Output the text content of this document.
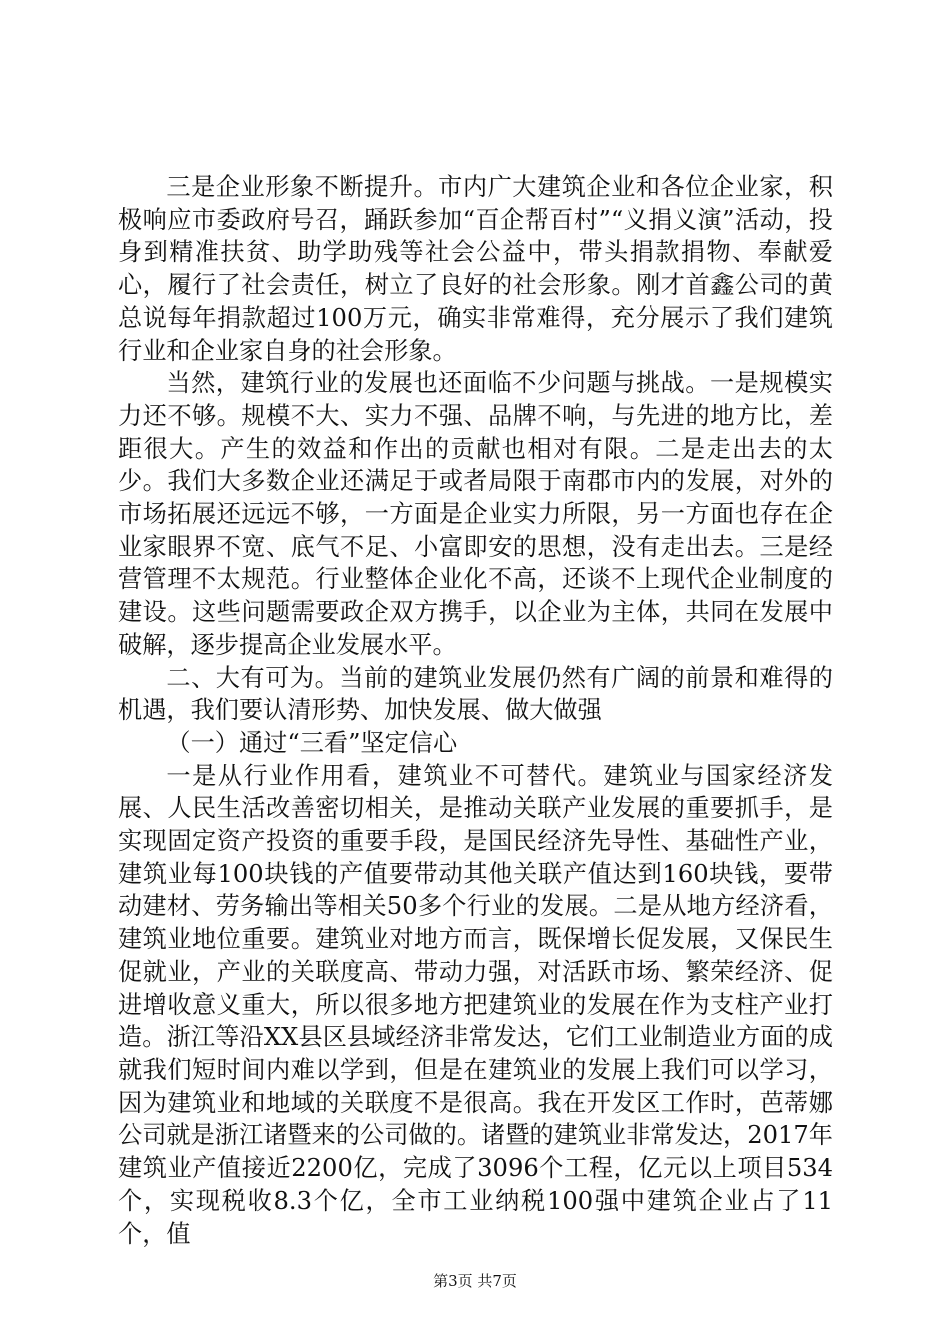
三是企业形象不断提升。市内广大建筑企业和各位企业家，积极响应市委政府号召，踊跃参加“百企帮百村”“义捐义演”活动，投身到精准扶贫、助学助残等社会公益中，带头捐款捐物、奉献爱心，履行了社会责任，树立了良好的社会形象。刚才首鑫公司的黄总说每年捐款超过100万元，确实非常难得，充分展示了我们建筑行业和企业家自身的社会形象。

当然，建筑行业的发展也还面临不少问题与挑战。一是规模实力还不够。规模不大、实力不强、品牌不响，与先进的地方比，差距很大。产生的效益和作出的贡献也相对有限。二是走出去的太少。我们大多数企业还满足于或者局限于南郡市内的发展，对外的市场拓展还远远不够，一方面是企业实力所限，另一方面也存在企业家眼界不宽、底气不足、小富即安的思想，没有走出去。三是经营管理不太规范。行业整体企业化不高，还谈不上现代企业制度的建设。这些问题需要政企双方携手，以企业为主体，共同在发展中破解，逐步提高企业发展水平。

二、大有可为。当前的建筑业发展仍然有广阔的前景和难得的机遇，我们要认清形势、加快发展、做大做强

（一）通过“三看”坚定信心

一是从行业作用看，建筑业不可替代。建筑业与国家经济发展、人民生活改善密切相关，是推动关联产业发展的重要抓手，是实现固定资产投资的重要手段，是国民经济先导性、基础性产业，建筑业每100块钱的产值要带动其他关联产值达到160块钱，要带动建材、劳务输出等相关50多个行业的发展。二是从地方经济看，建筑业地位重要。建筑业对地方而言，既保增长促发展，又保民生促就业，产业的关联度高、带动力强，对活跃市场、繁荣经济、促进增收意义重大，所以很多地方把建筑业的发展在作为支柱产业打造。浙江等沿XX县区县域经济非常发达，它们工业制造业方面的成就我们短时间内难以学到，但是在建筑业的发展上我们可以学习，因为建筑业和地域的关联度不是很高。我在开发区工作时，芭蒂娜公司就是浙江诸暨来的公司做的。诸暨的建筑业非常发达，2017年建筑业产值接近2200亿，完成了3096个工程，亿元以上项目534个，实现税收8.3个亿，全市工业纳税100强中建筑企业占了11个，值

第3页 共7页
